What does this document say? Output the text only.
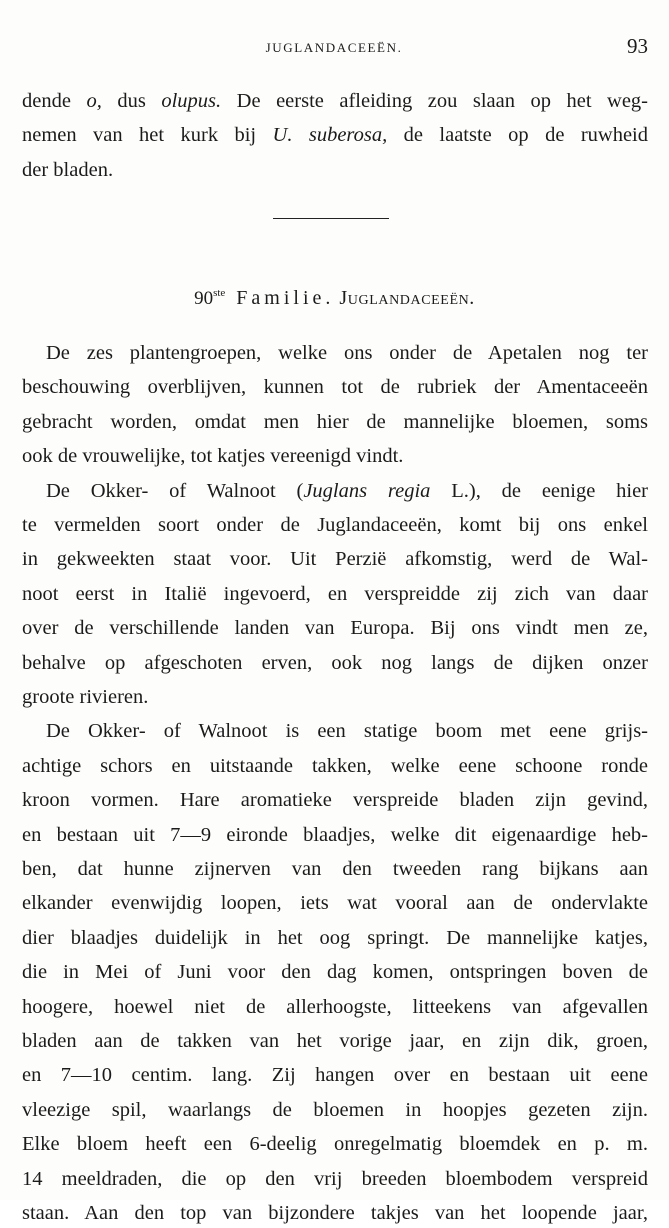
JUGLANDACEEËN.	93
dende o, dus olupus. De eerste afleiding zou slaan op het weg-
nemen van het kurk bij U. suberosa, de laatste op de ruwheid
der bladen.
90ste Familie. Juglandaceeën.
De zes plantengroepen, welke ons onder de Apetalen nog ter
beschouwing overblijven, kunnen tot de rubriek der Amentaceeën
gebracht worden, omdat men hier de mannelijke bloemen, soms
ook de vrouwelijke, tot katjes vereenigd vindt.
De Okker- of Walnoot (Juglans regia L.), de eenige hier
te vermelden soort onder de Juglandaceeën, komt bij ons enkel
in gekweekten staat voor. Uit Perzië afkomstig, werd de Wal-
noot eerst in Italië ingevoerd, en verspreidde zij zich van daar
over de verschillende landen van Europa. Bij ons vindt men ze,
behalve op afgeschoten erven, ook nog langs de dijken onzer
groote rivieren.
De Okker- of Walnoot is een statige boom met eene grijs-
achtige schors en uitstaande takken, welke eene schoone ronde
kroon vormen. Hare aromatieke verspreide bladen zijn gevind,
en bestaan uit 7—9 eironde blaadjes, welke dit eigenaardige heb-
ben, dat hunne zijnerven van den tweeden rang bijkans aan
elkander evenwijdig loopen, iets wat vooral aan de ondervlakte
dier blaadjes duidelijk in het oog springt. De mannelijke katjes,
die in Mei of Juni voor den dag komen, ontspringen boven de
hoogere, hoewel niet de allerhoogste, litteekens van afgevallen
bladen aan de takken van het vorige jaar, en zijn dik, groen,
en 7—10 centim. lang. Zij hangen over en bestaan uit eene
vleezige spil, waarlangs de bloemen in hoopjes gezeten zijn.
Elke bloem heeft een 6-deelig onregelmatig bloemdek en p. m.
14 meeldraden, die op den vrij breeden bloembodem verspreid
staan. Aan den top van bijzondere takjes van het loopende jaar,
